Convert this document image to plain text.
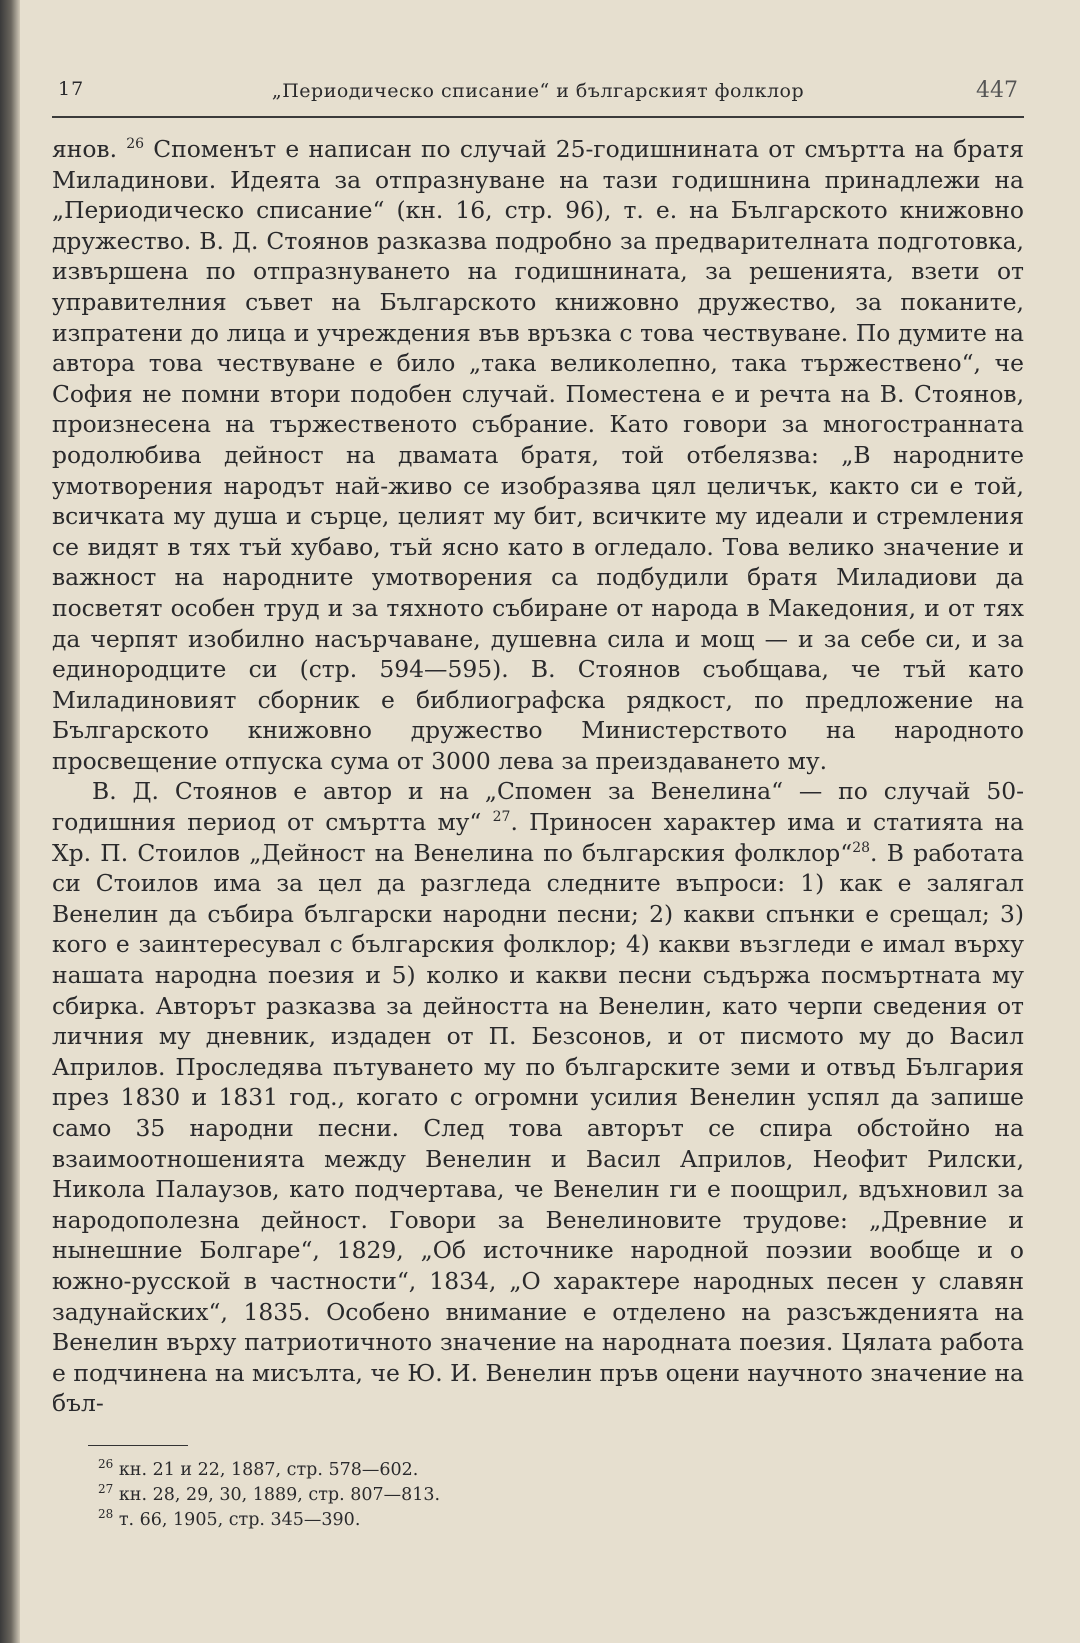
17	„Периодическо списание“ и българският фолклор	447

янов. $^{26}$ Споменът е написан по случай 25-годишнината от смъртта на братя Миладинови. Идеята за отпразнуване на тази годишнина принадлежи на „Периодическо списание“ (кн. 16, стр. 96), т. е. на Българското книжовно дружество. В. Д. Стоянов разказва подробно за предварителната подготовка, извършена по отпразнуването на годишнината, за решенията, взети от управителния съвет на Българското книжовно дружество, за поканите, изпратени до лица и учреждения във връзка с това чествуване. По думите на автора това чествуване е било „така великолепно, така тържествено“, че София не помни втори подобен случай. Поместена е и речта на В. Стоянов, произнесена на тържественото събрание. Като говори за многостранната родолюбива дейност на двамата братя, той отбелязва: „В народните умотворения народът най-живо се изобразява цял целичък, както си е той, всичката му душа и сърце, целият му бит, всичките му идеали и стремления се видят в тях тъй хубаво, тъй ясно като в огледало. Това велико значение и важност на народните умотворения са подбудили братя Миладиови да посветят особен труд и за тяхното събиране от народа в Македония, и от тях да черпят изобилно насърчаване, душевна сила и мощ — и за себе си, и за единородците си (стр. 594—595). В. Стоянов съобщава, че тъй като Миладиновият сборник е библиографска рядкост, по предложение на Българското книжовно дружество Министерството на народното просвещение отпуска сума от 3000 лева за преиздаването му.

В. Д. Стоянов е автор и на „Спомен за Венелина“ — по случай 50-годишния период от смъртта му“ $^{27}$. Приносен характер има и статията на Хр. П. Стоилов „Дейност на Венелина по българския фолклор“$^{28}$. В работата си Стоилов има за цел да разгледа следните въпроси: 1) как е залягал Венелин да събира български народни песни; 2) какви спънки е срещал; 3) кого е заинтересувал с българския фолклор; 4) какви възгледи е имал върху нашата народна поезия и 5) колко и какви песни съдържа посмъртната му сбирка. Авторът разказва за дейността на Венелин, като черпи сведения от личния му дневник, издаден от П. Безсонов, и от писмото му до Васил Априлов. Проследява пътуването му по българските земи и отвъд България през 1830 и 1831 год., когато с огромни усилия Венелин успял да запише само 35 народни песни. След това авторът се спира обстойно на взаимоотношенията между Венелин и Васил Априлов, Неофит Рилски, Никола Палаузов, като подчертава, че Венелин ги е поощрил, вдъхновил за народополезна дейност. Говори за Венелиновите трудове: „Древние и нынешние Болгаре“, 1829, „Об источнике народной поэзии вообще и о южно-русской в частности“, 1834, „О характере народных песен у славян задунайских“, 1835. Особено внимание е отделено на разсъжденията на Венелин върху патриотичното значение на народната поезия. Цялата работа е подчинена на мисълта, че Ю. И. Венелин пръв оцени научното значение на бъл-

$^{26}$ кн. 21 и 22, 1887, стр. 578—602.
$^{27}$ кн. 28, 29, 30, 1889, стр. 807—813.
$^{28}$ т. 66, 1905, стр. 345—390.
